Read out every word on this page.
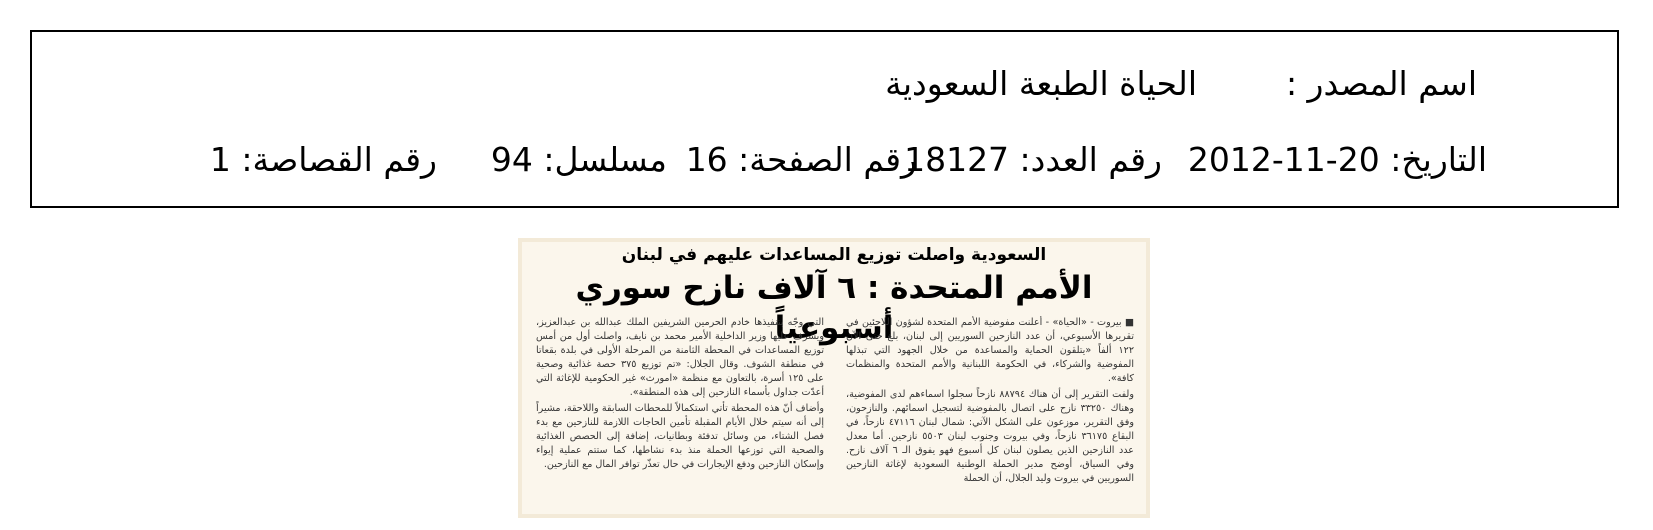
اسم المصدر :
الحياة الطبعة السعودية
التاريخ: 20-11-2012
رقم العدد: 18127
رقم الصفحة: 16
مسلسل: 94
رقم القصاصة: 1
السعودية واصلت توزيع المساعدات عليهم في لبنان
الأمم المتحدة : ٦ آلاف نازح سوري أسبوعياً

■ بيروت - «الحياة» - أعلنت مفوضية الأمم المتحدة لشؤون اللاجئين في تقريرها الأسبوعي، أن عدد النازحين السوريين إلى لبنان، بلغ حتى الآن ١٢٢ ألفاً «يتلقون الحماية والمساعدة من خلال الجهود التي تبذلها المفوضية والشركاء، في الحكومة اللبنانية والأمم المتحدة والمنظمات كافة».

ولفت التقرير إلى أن هناك ٨٨٧٩٤ نازحاً سجلوا اسماءهم لدى المفوضية، وهناك ٣٣٢٥٠ نازح على اتصال بالمفوضية لتسجيل اسمائهم. والنازحون، وفق التقرير، موزعون على الشكل الآتي: شمال لبنان ٤٧١١٦ نازحاً، في البقاع ٣٦١٧٥ نازحاً، وفي بيروت وجنوب لبنان ٥٥٠٣ نازحين. أما معدل عدد النازحين الذين يصلون لبنان كل أسبوع فهو يفوق الـ ٦ آلاف نازح. وفي السياق، أوضح مدير الحملة الوطنية السعودية لإغاثة النازحين السوريين في بيروت وليد الجلال، أن الحملة

التي وجّه بتنفيذها خادم الحرمين الشريفين الملك عبدالله بن عبدالعزيز، ويشرف عليها وزير الداخلية الأمير محمد بن نايف، واصلت أول من أمس توزيع المساعدات في المحطة الثامنة من المرحلة الأولى في بلدة بقعاتا في منطقة الشوف. وقال الجلال: «تم توزيع ٣٧٥ حصة غذائية وصحية على ١٢٥ أسرة، بالتعاون مع منظمة «امورث» غير الحكومية للإغاثة التي أعدّت جداول بأسماء النازحين إلى هذه المنطقة».

وأضاف أنّ هذه المحطة تأتي استكمالاً للمحطات السابقة واللاحقة، مشيراً إلى أنه سيتم خلال الأيام المقبلة تأمين الحاجات اللازمة للنازحين مع بدء فصل الشتاء، من وسائل تدفئة وبطانيات، إضافة إلى الحصص الغذائية والصحية التي توزعها الحملة منذ بدء نشاطها، كما ستتم عملية إيواء وإسكان النازحين ودفع الإيجارات في حال تعذّر توافر المال مع النازحين.
